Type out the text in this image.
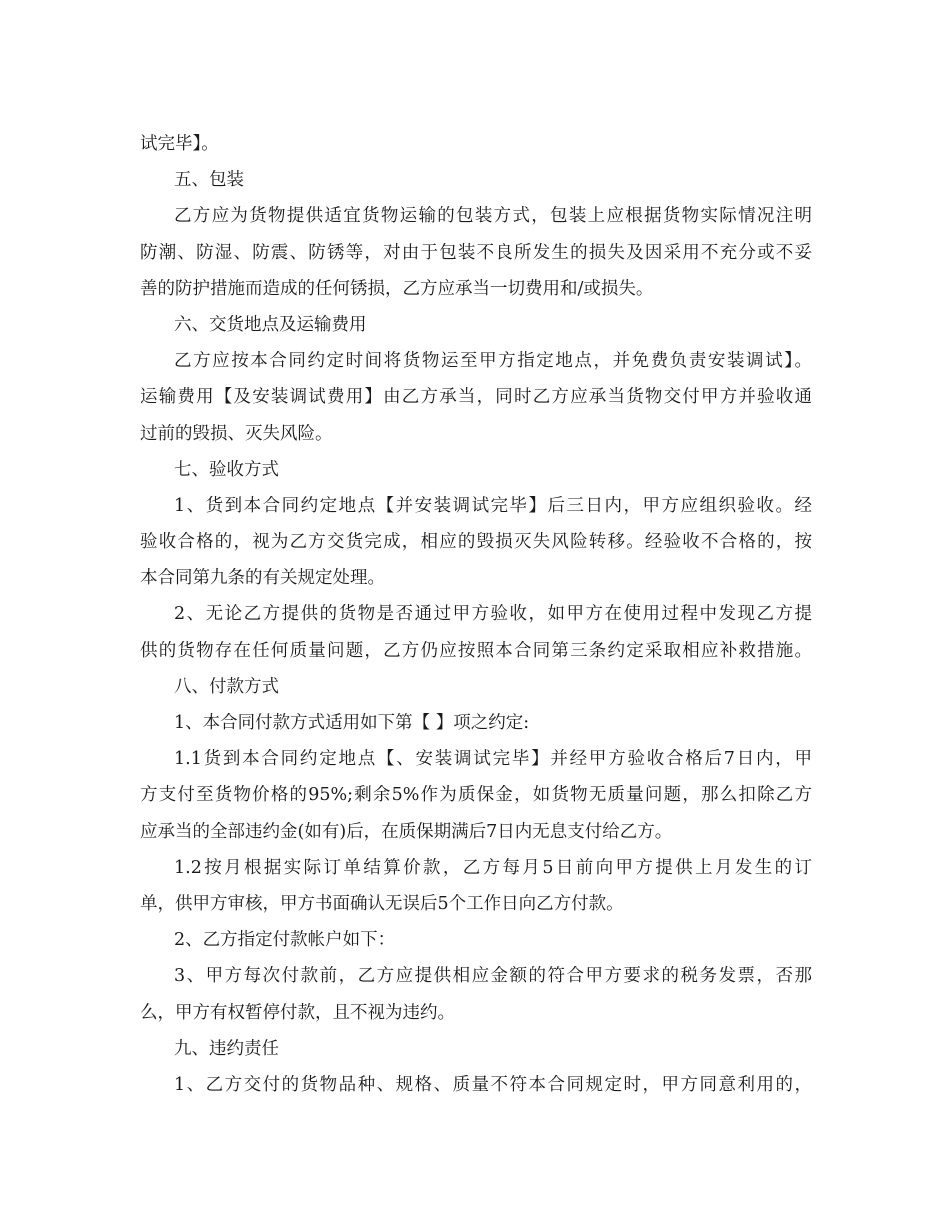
试完毕】。
五、包装
乙方应为货物提供适宜货物运输的包装方式，包装上应根据货物实际情况注明
防潮、防湿、防震、防锈等，对由于包装不良所发生的损失及因采用不充分或不妥
善的防护措施而造成的任何锈损，乙方应承当一切费用和/或损失。
六、交货地点及运输费用
乙方应按本合同约定时间将货物运至甲方指定地点，并免费负责安装调试】。
运输费用【及安装调试费用】由乙方承当，同时乙方应承当货物交付甲方并验收通
过前的毁损、灭失风险。
七、验收方式
1、货到本合同约定地点【并安装调试完毕】后三日内，甲方应组织验收。经
验收合格的，视为乙方交货完成，相应的毁损灭失风险转移。经验收不合格的，按
本合同第九条的有关规定处理。
2、无论乙方提供的货物是否通过甲方验收，如甲方在使用过程中发现乙方提
供的货物存在任何质量问题，乙方仍应按照本合同第三条约定采取相应补救措施。
八、付款方式
1、本合同付款方式适用如下第【 】项之约定:
1.1货到本合同约定地点【、安装调试完毕】并经甲方验收合格后7日内，甲
方支付至货物价格的95%;剩余5%作为质保金，如货物无质量问题，那么扣除乙方
应承当的全部违约金(如有)后，在质保期满后7日内无息支付给乙方。
1.2按月根据实际订单结算价款，乙方每月5日前向甲方提供上月发生的订
单，供甲方审核，甲方书面确认无误后5个工作日向乙方付款。
2、乙方指定付款帐户如下：
3、甲方每次付款前，乙方应提供相应金额的符合甲方要求的税务发票，否那
么，甲方有权暂停付款，且不视为违约。
九、违约责任
1、乙方交付的货物品种、规格、质量不符本合同规定时，甲方同意利用的，
